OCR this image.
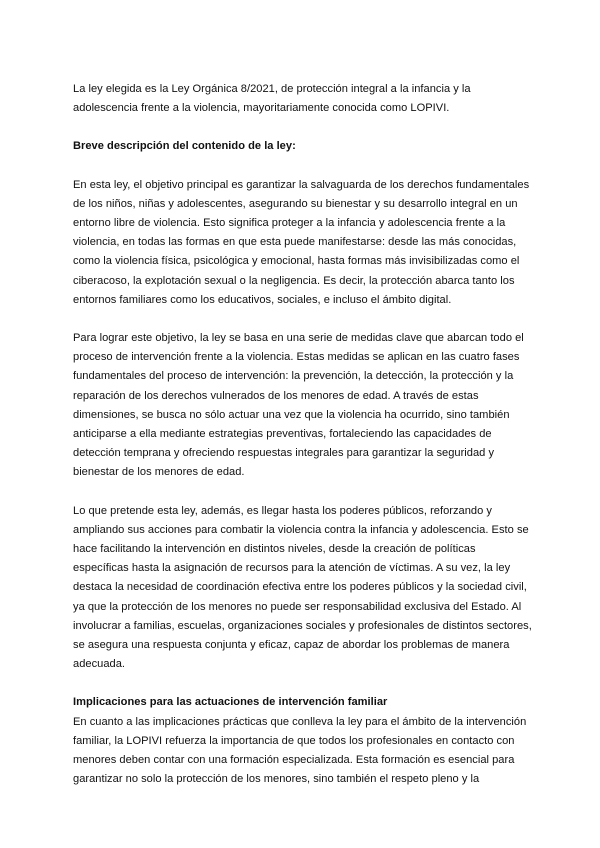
La ley elegida es la Ley Orgánica 8/2021, de protección integral a la infancia y la adolescencia frente a la violencia, mayoritariamente conocida como LOPIVI.

Breve descripción del contenido de la ley:

En esta ley, el objetivo principal es garantizar la salvaguarda de los derechos fundamentales de los niños, niñas y adolescentes, asegurando su bienestar y su desarrollo integral en un entorno libre de violencia. Esto significa proteger a la infancia y adolescencia frente a la violencia, en todas las formas en que esta puede manifestarse: desde las más conocidas, como la violencia física, psicológica y emocional, hasta formas más invisibilizadas como el ciberacoso, la explotación sexual o la negligencia. Es decir, la protección abarca tanto los entornos familiares como los educativos, sociales, e incluso el ámbito digital.

Para lograr este objetivo, la ley se basa en una serie de medidas clave que abarcan todo el proceso de intervención frente a la violencia. Estas medidas se aplican en las cuatro fases fundamentales del proceso de intervención: la prevención, la detección, la protección y la reparación de los derechos vulnerados de los menores de edad. A través de estas dimensiones, se busca no sólo actuar una vez que la violencia ha ocurrido, sino también anticiparse a ella mediante estrategias preventivas, fortaleciendo las capacidades de detección temprana y ofreciendo respuestas integrales para garantizar la seguridad y bienestar de los menores de edad.

Lo que pretende esta ley, además, es llegar hasta los poderes públicos, reforzando y ampliando sus acciones para combatir la violencia contra la infancia y adolescencia. Esto se hace facilitando la intervención en distintos niveles, desde la creación de políticas específicas hasta la asignación de recursos para la atención de víctimas. A su vez, la ley destaca la necesidad de coordinación efectiva entre los poderes públicos y la sociedad civil, ya que la protección de los menores no puede ser responsabilidad exclusiva del Estado. Al involucrar a familias, escuelas, organizaciones sociales y profesionales de distintos sectores, se asegura una respuesta conjunta y eficaz, capaz de abordar los problemas de manera adecuada.

Implicaciones para las actuaciones de intervención familiar

En cuanto a las implicaciones prácticas que conlleva la ley para el ámbito de la intervención familiar, la LOPIVI refuerza la importancia de que todos los profesionales en contacto con menores deben contar con una formación especializada. Esta formación es esencial para garantizar no solo la protección de los menores, sino también el respeto pleno y la
